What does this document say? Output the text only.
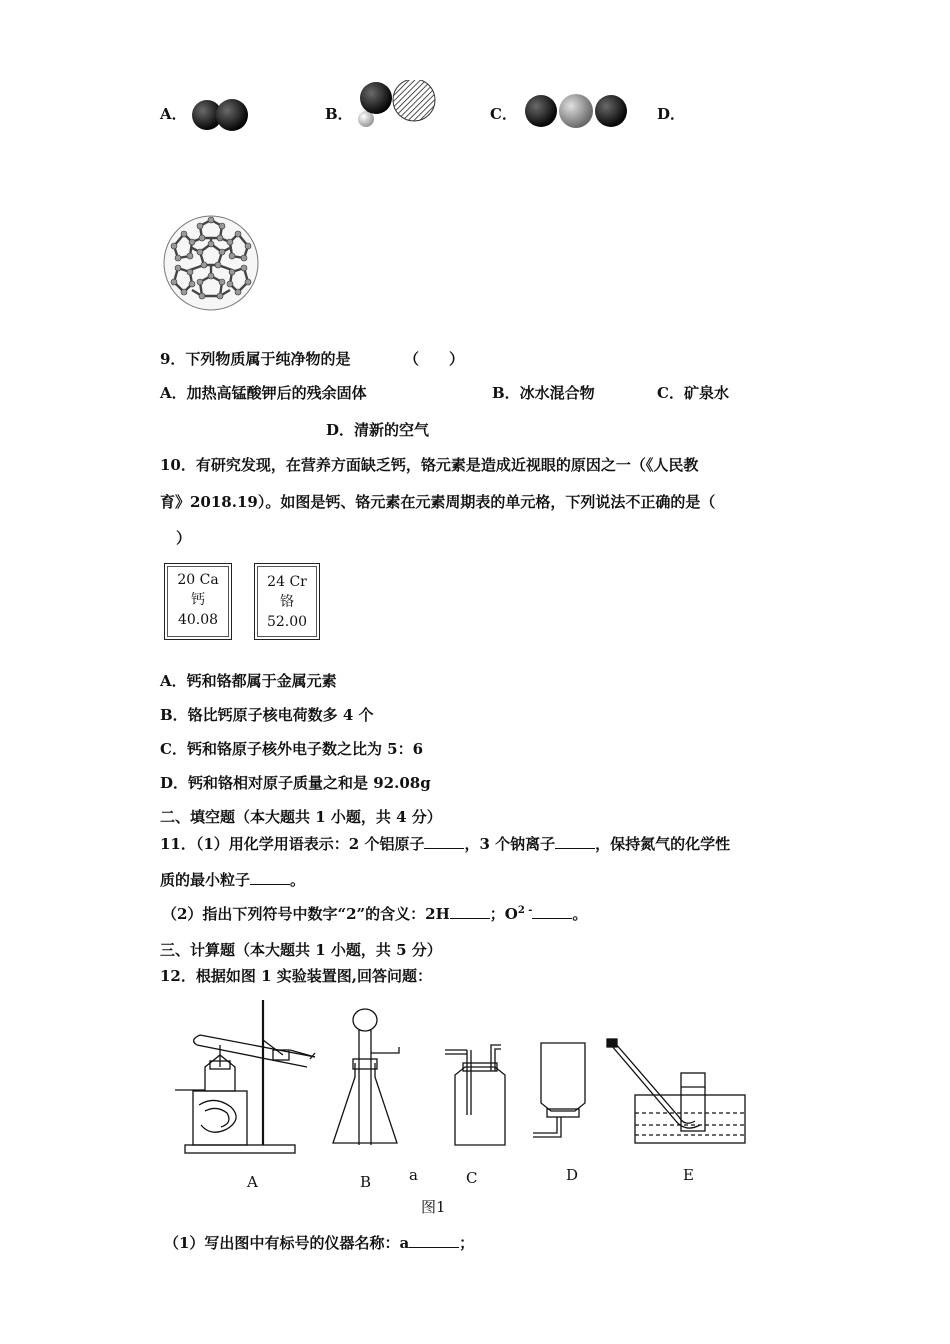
A．	B．	C．	D．
9．下列物质属于纯净物的是	（　　）
A．加热高锰酸钾后的残余固体	B．冰水混合物	C．矿泉水
D．清新的空气
10．有研究发现，在营养方面缺乏钙，铬元素是造成近视眼的原因之一（《人民教
育》2018.19）。如图是钙、铬元素在元素周期表的单元格，下列说法不正确的是（
）
20 Ca
钙
40.08
24 Cr
铬
52.00
A．钙和铬都属于金属元素
B．铬比钙原子核电荷数多 4 个
C．钙和铬原子核外电子数之比为 5：6
D．钙和铬相对原子质量之和是 92.08g
二、填空题（本大题共 1 小题，共 4 分）
11．（1）用化学用语表示：2 个铝原子	，3 个钠离子	，保持氮气的化学性
质的最小粒子	。
（2）指出下列符号中数字“2”的含义：2H	；$O^{2 -}$	。
三、计算题（本大题共 1 小题，共 5 分）
12．根据如图 1 实验装置图,回答问题：
a
A	B	C	D	E
图1
（1）写出图中有标号的仪器名称：a	；
